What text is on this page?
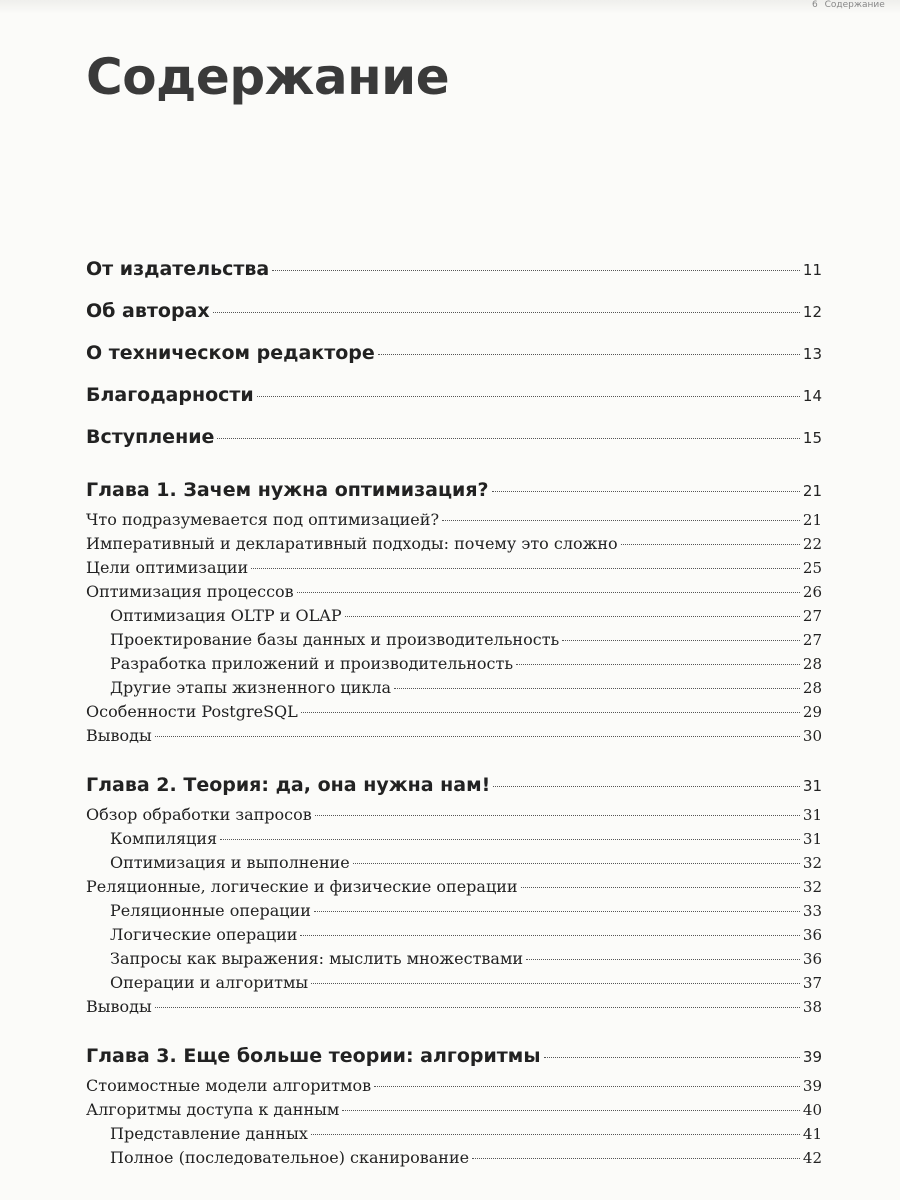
Содержание
От издательства	11
Об авторах	12
О техническом редакторе	13
Благодарности	14
Вступление	15
Глава 1. Зачем нужна оптимизация?	21
Что подразумевается под оптимизацией?	21
Императивный и декларативный подходы: почему это сложно	22
Цели оптимизации	25
Оптимизация процессов	26
Оптимизация OLTP и OLAP	27
Проектирование базы данных и производительность	27
Разработка приложений и производительность	28
Другие этапы жизненного цикла	28
Особенности PostgreSQL	29
Выводы	30
Глава 2. Теория: да, она нужна нам!	31
Обзор обработки запросов	31
Компиляция	31
Оптимизация и выполнение	32
Реляционные, логические и физические операции	32
Реляционные операции	33
Логические операции	36
Запросы как выражения: мыслить множествами	36
Операции и алгоритмы	37
Выводы	38
Глава 3. Еще больше теории: алгоритмы	39
Стоимостные модели алгоритмов	39
Алгоритмы доступа к данным	40
Представление данных	41
Полное (последовательное) сканирование	42
6 Содержание
